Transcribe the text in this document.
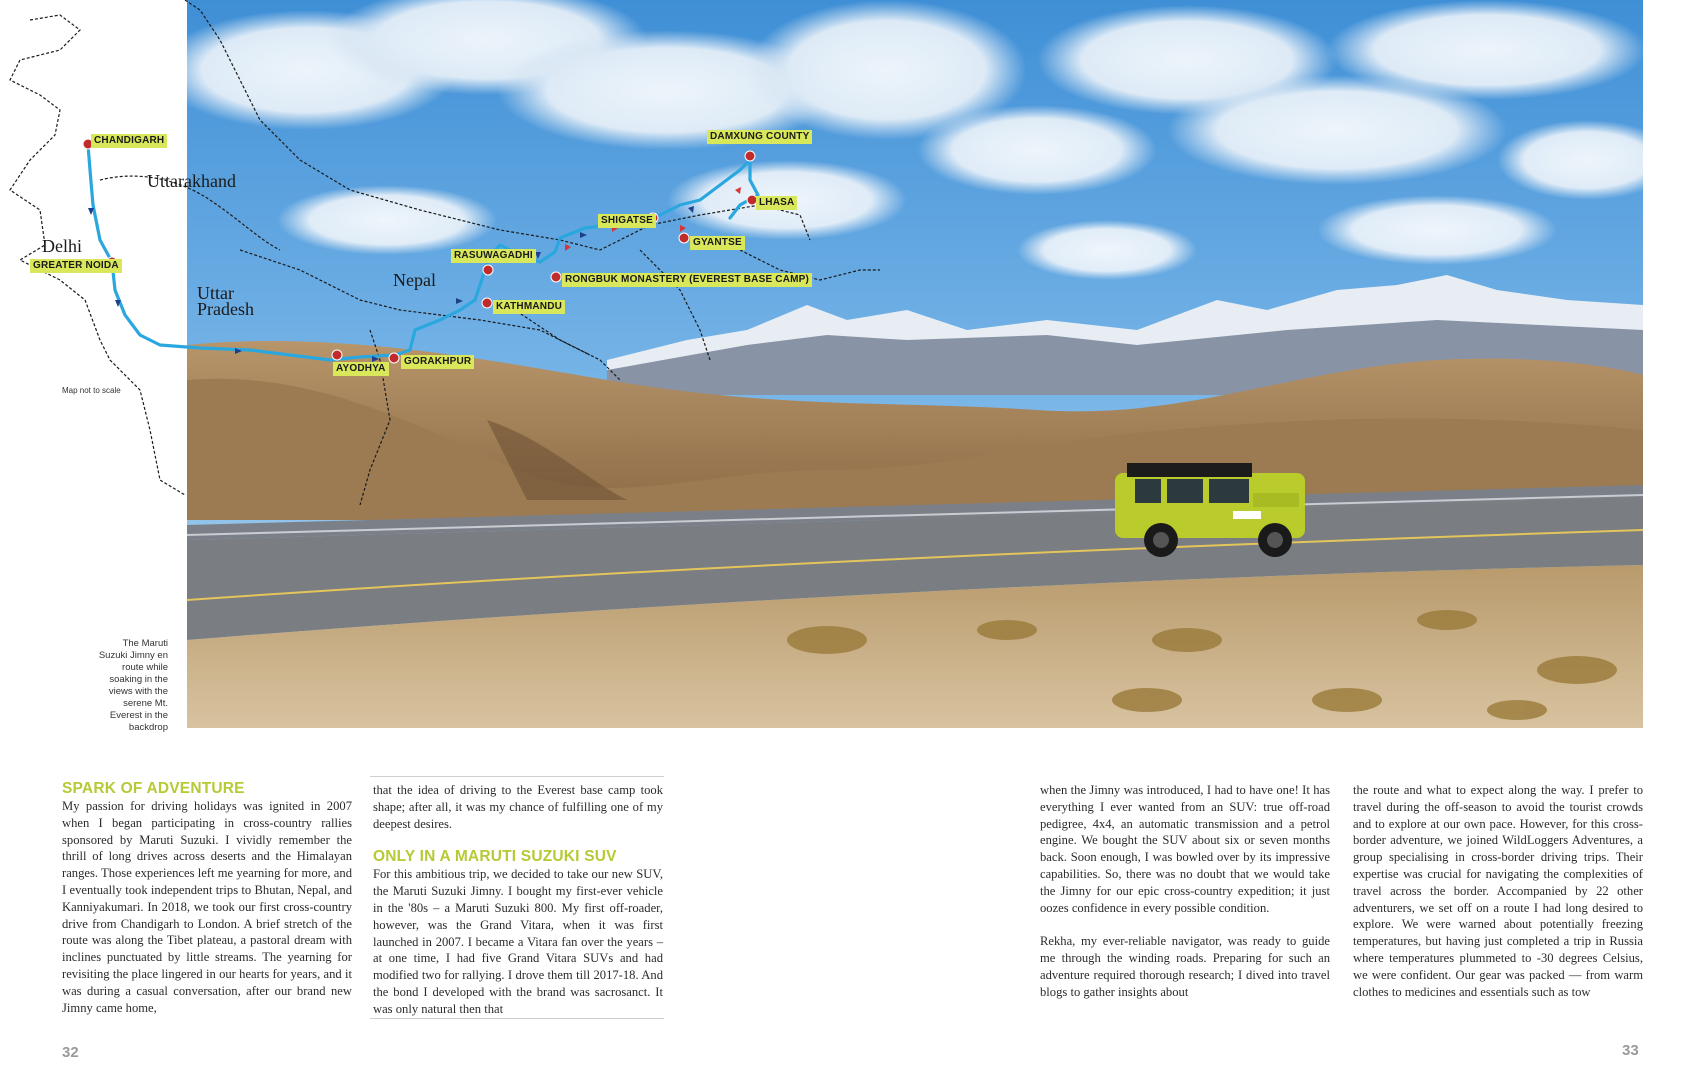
Uttarakhand
Delhi
Uttar
Pradesh
Nepal
CHANDIGARH
GREATER NOIDA
AYODHYA
GORAKHPUR
KATHMANDU
RASUWAGADHI
RONGBUK MONASTERY (EVEREST BASE CAMP)
SHIGATSE
GYANTSE
LHASA
DAMXUNG COUNTY
Map not to scale
The Maruti Suzuki Jimny en route while soaking in the views with the serene Mt. Everest in the backdrop
SPARK OF ADVENTURE

My passion for driving holidays was ignited in 2007 when I began participating in cross-country rallies sponsored by Maruti Suzuki. I vividly remember the thrill of long drives across deserts and the Himalayan ranges. Those experiences left me yearning for more, and I eventually took independent trips to Bhutan, Nepal, and Kanniyakumari. In 2018, we took our first cross-country drive from Chandigarh to London. A brief stretch of the route was along the Tibet plateau, a pastoral dream with inclines punctuated by little streams. The yearning for revisiting the place lingered in our hearts for years, and it was during a casual conversation, after our brand new Jimny came home,

that the idea of driving to the Everest base camp took shape; after all, it was my chance of fulfilling one of my deepest desires.

ONLY IN A MARUTI SUZUKI SUV

For this ambitious trip, we decided to take our new SUV, the Maruti Suzuki Jimny. I bought my first-ever vehicle in the '80s – a Maruti Suzuki 800. My first off-roader, however, was the Grand Vitara, when it was first launched in 2007. I became a Vitara fan over the years – at one time, I had five Grand Vitara SUVs and had modified two for rallying. I drove them till 2017-18. And the bond I developed with the brand was sacrosanct. It was only natural then that

when the Jimny was introduced, I had to have one! It has everything I ever wanted from an SUV: true off-road pedigree, 4x4, an automatic transmission and a petrol engine. We bought the SUV about six or seven months back. Soon enough, I was bowled over by its impressive capabilities. So, there was no doubt that we would take the Jimny for our epic cross-country expedition; it just oozes confidence in every possible condition.

Rekha, my ever-reliable navigator, was ready to guide me through the winding roads. Preparing for such an adventure required thorough research; I dived into travel blogs to gather insights about

the route and what to expect along the way. I prefer to travel during the off-season to avoid the tourist crowds and to explore at our own pace. However, for this cross-border adventure, we joined WildLoggers Adventures, a group specialising in cross-border driving trips. Their expertise was crucial for navigating the complexities of travel across the border. Accompanied by 22 other adventurers, we set off on a route I had long desired to explore. We were warned about potentially freezing temperatures, but having just completed a trip in Russia where temperatures plummeted to -30 degrees Celsius, we were confident. Our gear was packed — from warm clothes to medicines and essentials such as tow

32	33
